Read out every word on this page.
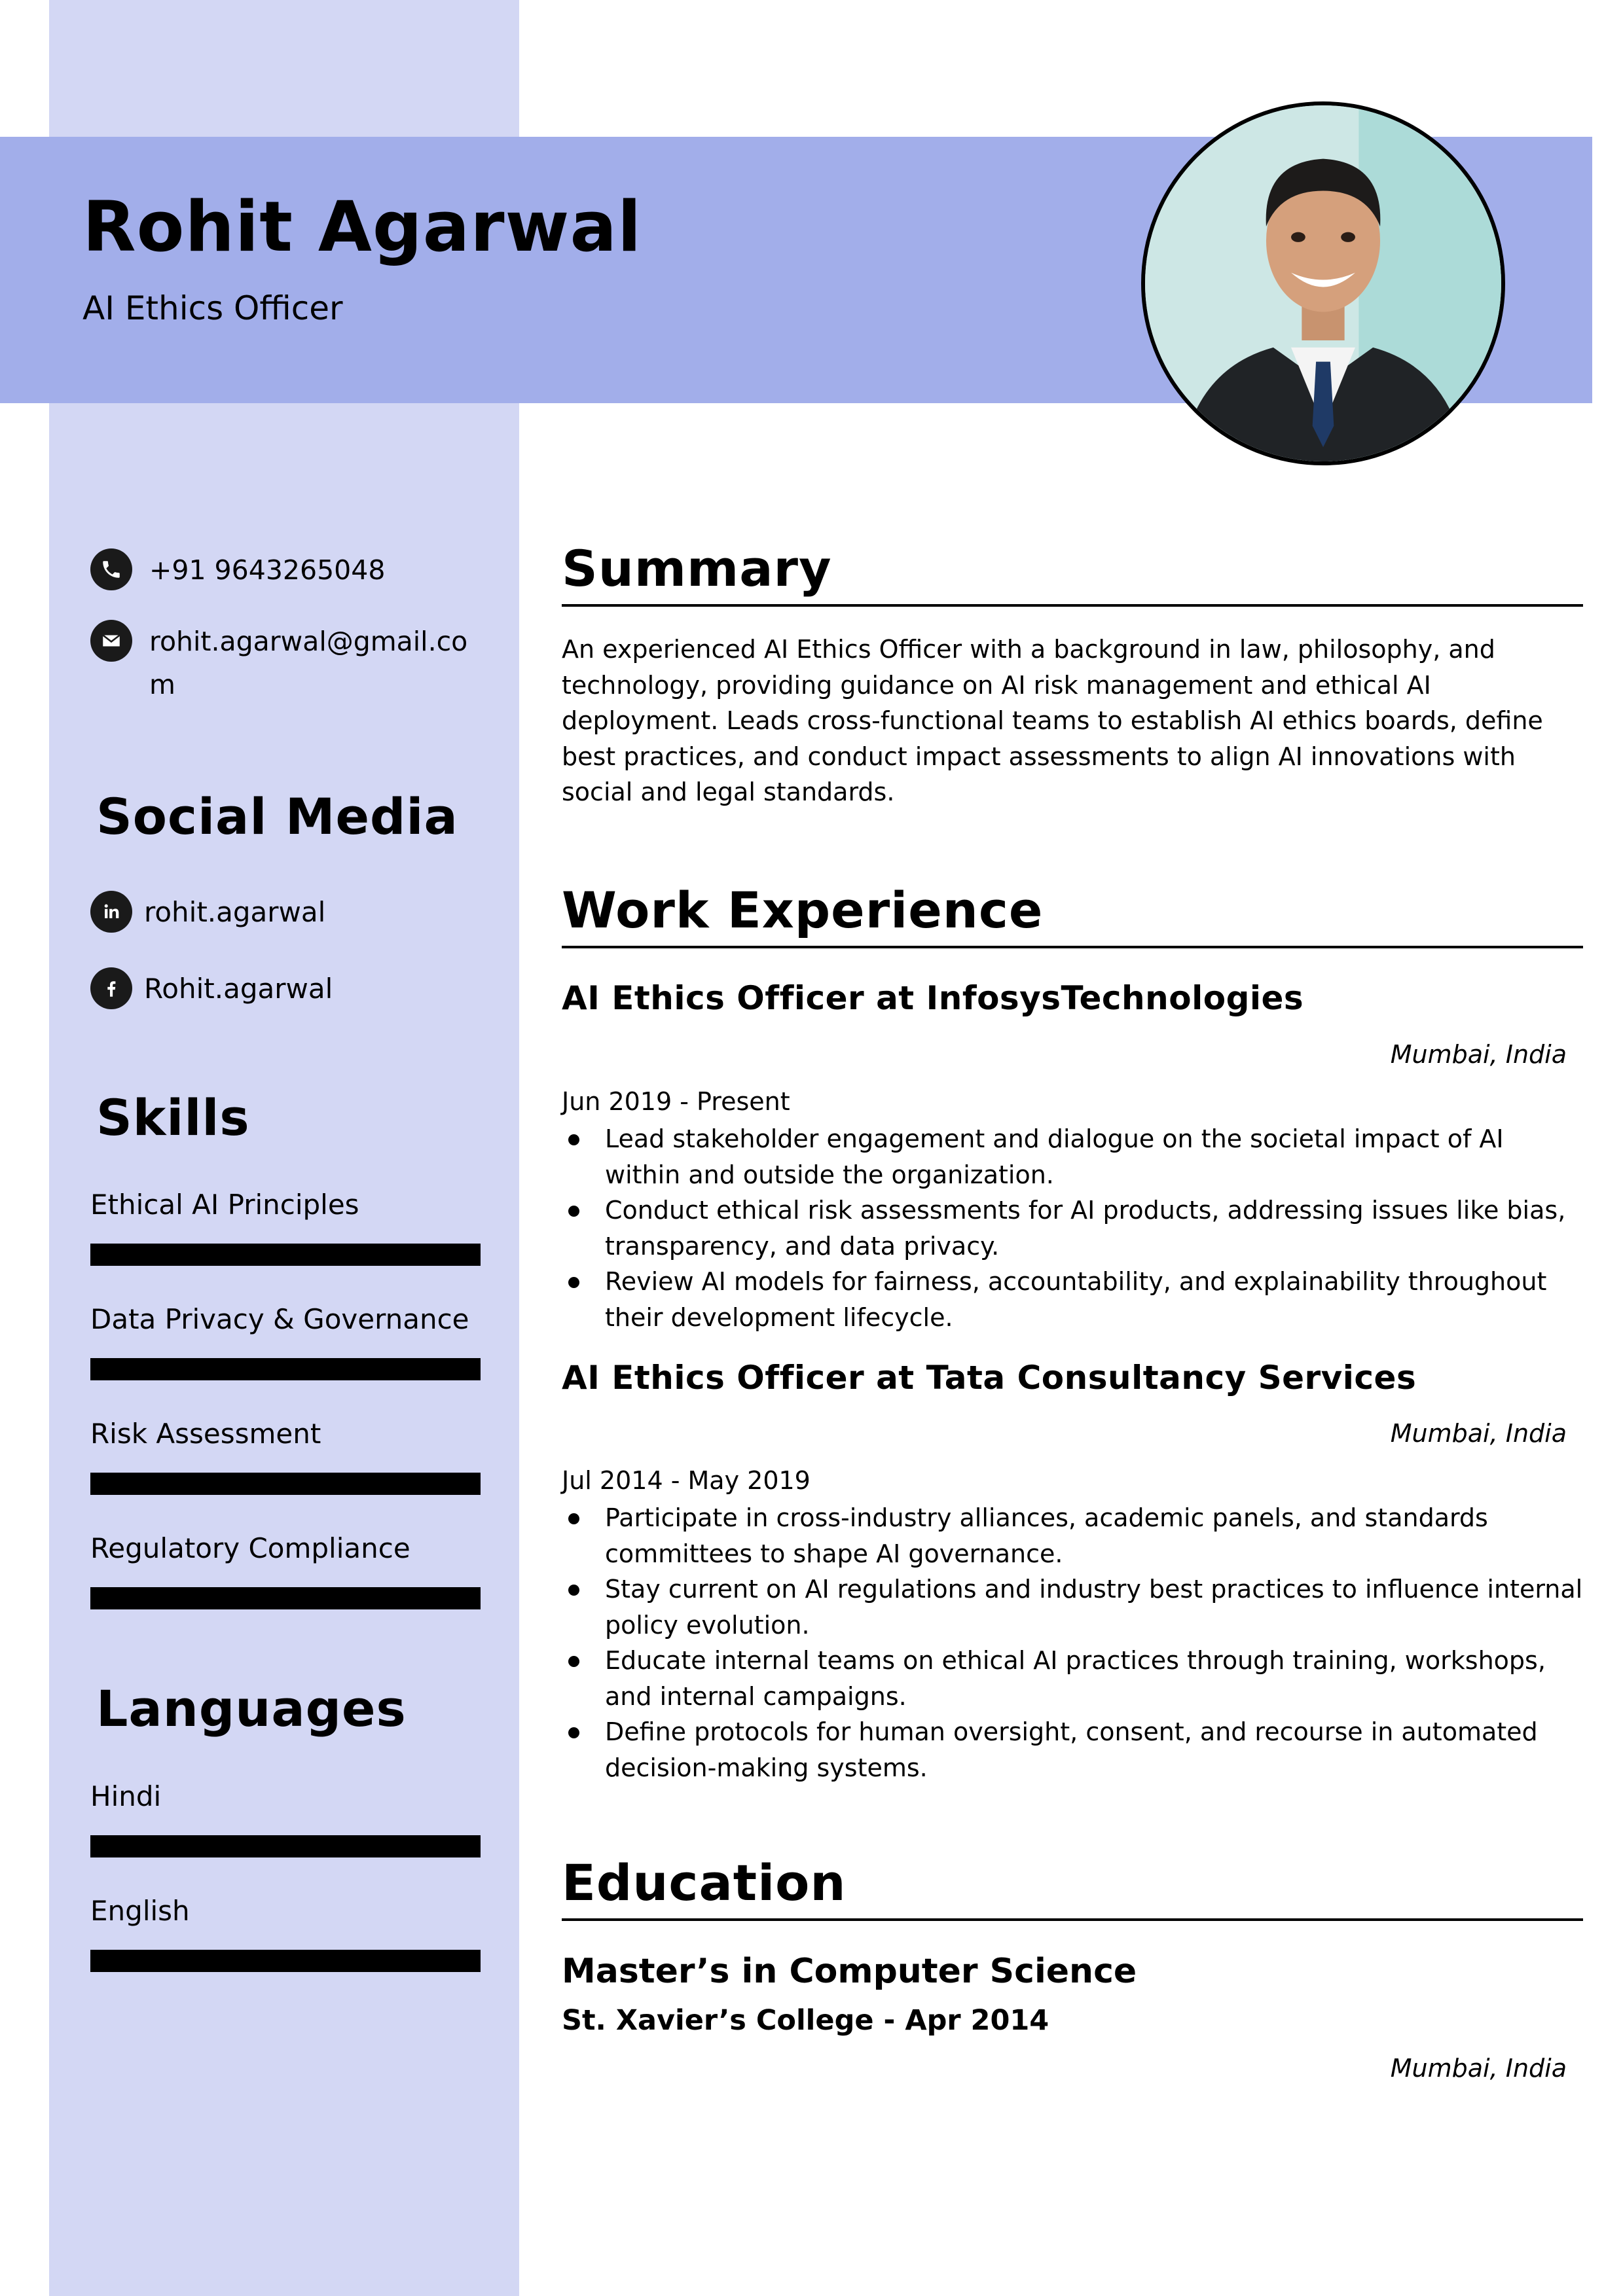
Rohit Agarwal
AI Ethics Officer
+91 9643265048
rohit.agarwal@gmail.com
Social Media
rohit.agarwal
Rohit.agarwal
Skills
Ethical AI Principles
Data Privacy & Governance
Risk Assessment
Regulatory Compliance
Languages
Hindi
English
Summary

An experienced AI Ethics Officer with a background in law, philosophy, and technology, providing guidance on AI risk management and ethical AI deployment. Leads cross-functional teams to establish AI ethics boards, define best practices, and conduct impact assessments to align AI innovations with social and legal standards.

Work Experience
AI Ethics Officer at InfosysTechnologies
Mumbai, India
Jun 2019 - Present
Lead stakeholder engagement and dialogue on the societal impact of AI within and outside the organization.
Conduct ethical risk assessments for AI products, addressing issues like bias, transparency, and data privacy.
Review AI models for fairness, accountability, and explainability throughout their development lifecycle.
AI Ethics Officer at Tata Consultancy Services
Mumbai, India
Jul 2014 - May 2019
Participate in cross-industry alliances, academic panels, and standards committees to shape AI governance.
Stay current on AI regulations and industry best practices to influence internal policy evolution.
Educate internal teams on ethical AI practices through training, workshops, and internal campaigns.
Define protocols for human oversight, consent, and recourse in automated decision-making systems.
Education
Master’s in Computer Science
St. Xavier’s College - Apr 2014
Mumbai, India
